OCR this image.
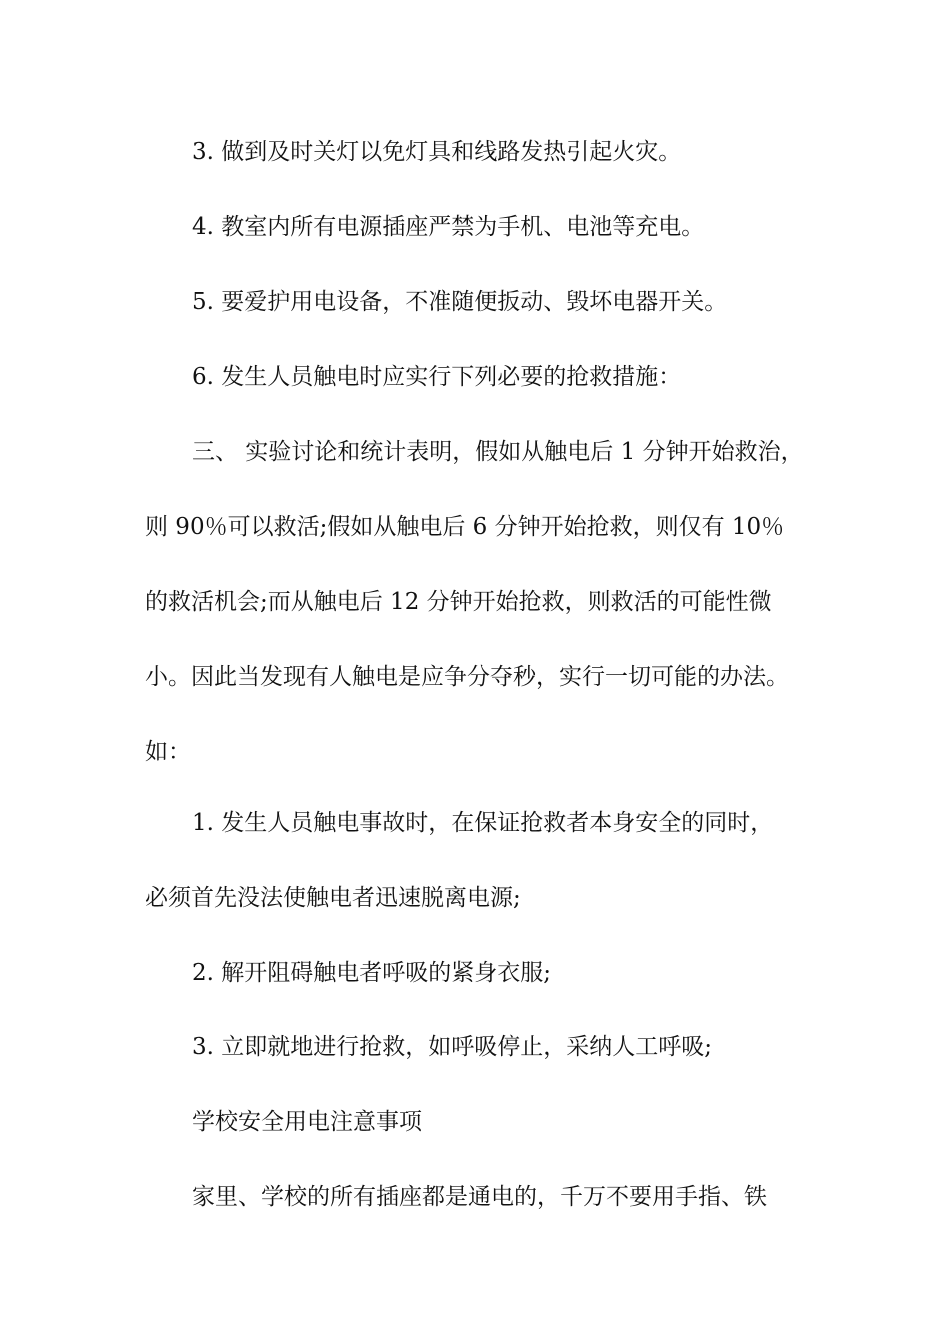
3. 做到及时关灯以免灯具和线路发热引起火灾。
4. 教室内所有电源插座严禁为手机、电池等充电。
5. 要爱护用电设备，不准随便扳动、毁坏电器开关。
6. 发生人员触电时应实行下列必要的抢救措施：
三、 实验讨论和统计表明，假如从触电后 1 分钟开始救治，
则 90％可以救活;假如从触电后 6 分钟开始抢救，则仅有 10％
的救活机会;而从触电后 12 分钟开始抢救，则救活的可能性微
小。因此当发现有人触电是应争分夺秒，实行一切可能的办法。
如：
1. 发生人员触电事故时，在保证抢救者本身安全的同时，
必须首先没法使触电者迅速脱离电源;
2. 解开阻碍触电者呼吸的紧身衣服;
3. 立即就地进行抢救，如呼吸停止，采纳人工呼吸;
学校安全用电注意事项
家里、学校的所有插座都是通电的，千万不要用手指、铁
